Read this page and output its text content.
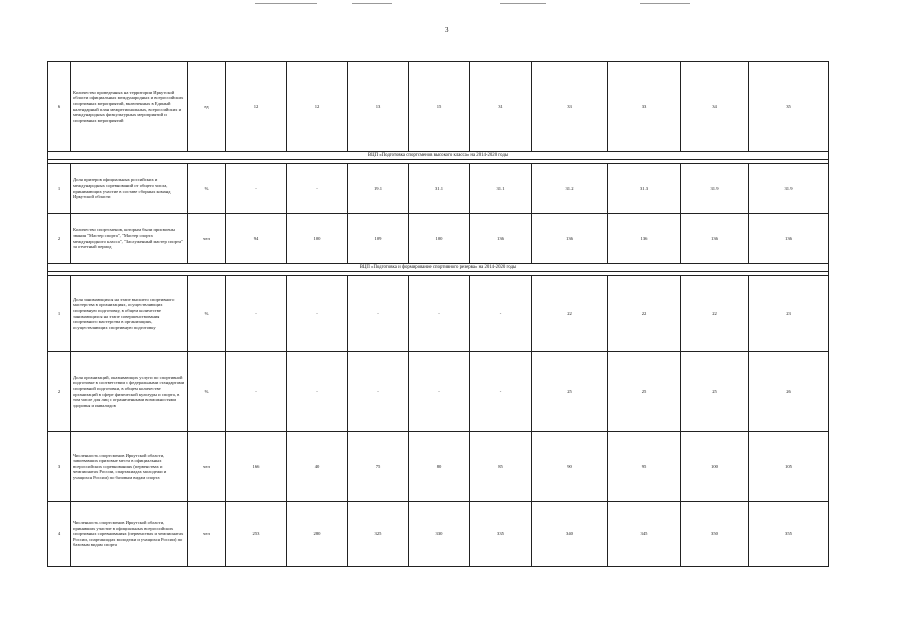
3
6	Количество проведенных на территории Иркутской области официальных международных и всероссийских спортивных мероприятий, включенных в Единый календарный план межрегиональных, всероссийских и международных физкультурных мероприятий и спортивных мероприятий	ед	12	12	13	15	31	33	33	34	35
ВЦП «Подготовка спортсменов высокого класса» на 2014-2020 годы											

1	Доля призеров официальных российских и международных соревнований от общего числа, принимающих участие в составе сборных команд Иркутской области	%	-	-	19.1	31.1	31.1	31.2	31.3	31.9	31.9
2	Количество спортсменов, которым были присвоены звания "Мастер спорта", "Мастер спорта международного класса", "Заслуженный мастер спорта" за отчетный период	чел	94	100	109	100	136	136	136	136	136
ВЦП «Подготовка и формирование спортивного резерва» на 2014-2020 годы											

1	Доля занимающихся на этапе высшего спортивного мастерства в организациях, осуществляющих спортивную подготовку, в общем количестве занимающихся на этапе совершенствования спортивного мастерства в организациях, осуществляющих спортивную подготовку	%	-	-	-	-	-	22	22	22	23
2	Доля организаций, оказывающих услуги по спортивной подготовке в соответствии с федеральными стандартами спортивной подготовки, в общем количестве организаций в сфере физической культуры и спорта, в том числе для лиц с ограниченными возможностями здоровья и инвалидов	%	-	-	-	-	-	25	25	25	26
3	Численность спортсменов Иркутской области, завоевавших призовые места в официальных всероссийских соревнованиях (первенствах и чемпионатах России, спартакиадах молодежи и учащихся России) по базовым видам спорта	чел	166	40	75	80	85	90	95	100	105
4	Численность спортсменов Иркутской области, принявших участие в официальных всероссийских спортивных соревнованиях (первенствах и чемпионатах России, спартакиадах молодежи и учащихся России) по базовым видам спорта	чел	253	280	325	330	335	340	345	350	355
